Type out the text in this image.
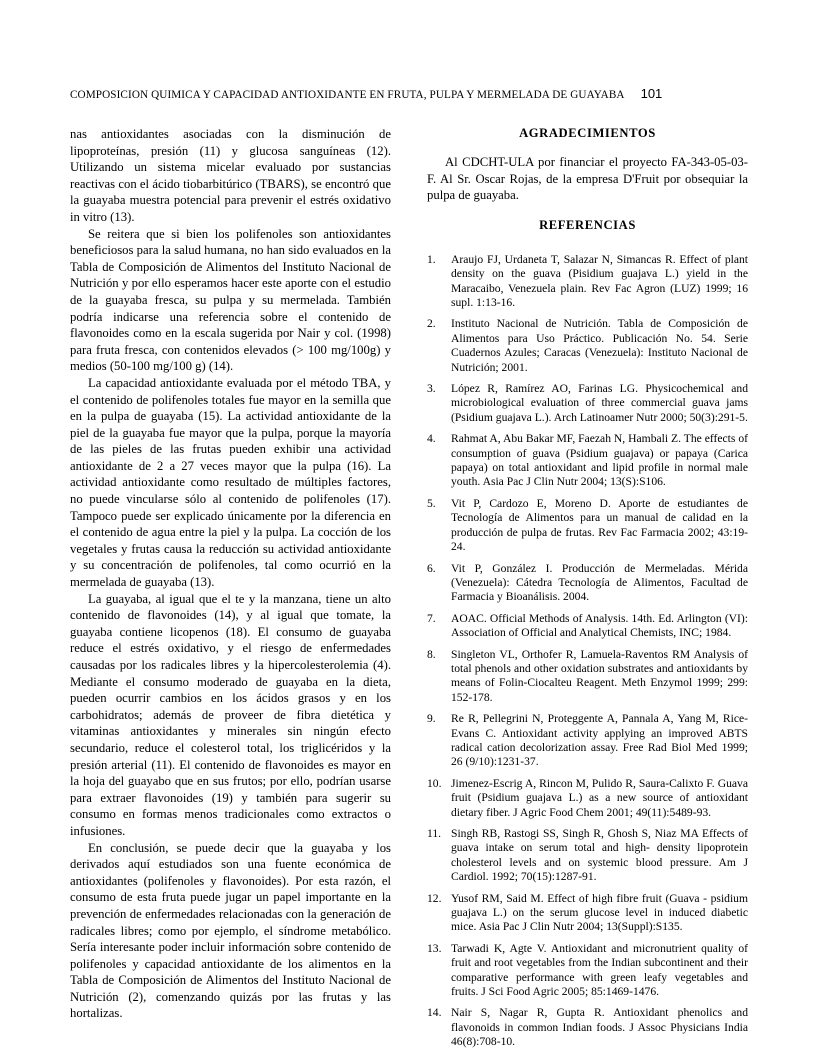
COMPOSICION QUIMICA Y CAPACIDAD ANTIOXIDANTE EN FRUTA, PULPA Y MERMELADA DE GUAYABA 101

nas antioxidantes asociadas con la disminución de lipoproteínas, presión (11) y glucosa sanguíneas (12). Utilizando un sistema micelar evaluado por sustancias reactivas con el ácido tiobarbitúrico (TBARS), se encontró que la guayaba muestra potencial para prevenir el estrés oxidativo in vitro (13).

Se reitera que si bien los polifenoles son antioxidantes beneficiosos para la salud humana, no han sido evaluados en la Tabla de Composición de Alimentos del Instituto Nacional de Nutrición y por ello esperamos hacer este aporte con el estudio de la guayaba fresca, su pulpa y su mermelada. También podría indicarse una referencia sobre el contenido de flavonoides como en la escala sugerida por Nair y col. (1998) para fruta fresca, con contenidos elevados (> 100 mg/100g) y medios (50-100 mg/100 g) (14).

La capacidad antioxidante evaluada por el método TBA, y el contenido de polifenoles totales fue mayor en la semilla que en la pulpa de guayaba (15). La actividad antioxidante de la piel de la guayaba fue mayor que la pulpa, porque la mayoría de las pieles de las frutas pueden exhibir una actividad antioxidante de 2 a 27 veces mayor que la pulpa (16). La actividad antioxidante como resultado de múltiples factores, no puede vincularse sólo al contenido de polifenoles (17). Tampoco puede ser explicado únicamente por la diferencia en el contenido de agua entre la piel y la pulpa. La cocción de los vegetales y frutas causa la reducción su actividad antioxidante y su concentración de polifenoles, tal como ocurrió en la mermelada de guayaba (13).

La guayaba, al igual que el te y la manzana, tiene un alto contenido de flavonoides (14), y al igual que tomate, la guayaba contiene licopenos (18). El consumo de guayaba reduce el estrés oxidativo, y el riesgo de enfermedades causadas por los radicales libres y la hipercolesterolemia (4). Mediante el consumo moderado de guayaba en la dieta, pueden ocurrir cambios en los ácidos grasos y en los carbohidratos; además de proveer de fibra dietética y vitaminas antioxidantes y minerales sin ningún efecto secundario, reduce el colesterol total, los triglicéridos y la presión arterial (11). El contenido de flavonoides es mayor en la hoja del guayabo que en sus frutos; por ello, podrían usarse para extraer flavonoides (19) y también para sugerir su consumo en formas menos tradicionales como extractos o infusiones.

En conclusión, se puede decir que la guayaba y los derivados aquí estudiados son una fuente económica de antioxidantes (polifenoles y flavonoides). Por esta razón, el consumo de esta fruta puede jugar un papel importante en la prevención de enfermedades relacionadas con la generación de radicales libres; como por ejemplo, el síndrome metabólico. Sería interesante poder incluir información sobre contenido de polifenoles y capacidad antioxidante de los alimentos en la Tabla de Composición de Alimentos del Instituto Nacional de Nutrición (2), comenzando quizás por las frutas y las hortalizas.

AGRADECIMIENTOS

Al CDCHT-ULA por financiar el proyecto FA-343-05-03-F. Al Sr. Oscar Rojas, de la empresa D'Fruit por obsequiar la pulpa de guayaba.

REFERENCIAS
1.	Araujo FJ, Urdaneta T, Salazar N, Simancas R. Effect of plant density on the guava (Pisidium guajava L.) yield in the Maracaibo, Venezuela plain. Rev Fac Agron (LUZ) 1999; 16 supl. 1:13-16.
2.	Instituto Nacional de Nutrición. Tabla de Composición de Alimentos para Uso Práctico. Publicación No. 54. Serie Cuadernos Azules; Caracas (Venezuela): Instituto Nacional de Nutrición; 2001.
3.	López R, Ramírez AO, Farinas LG. Physicochemical and microbiological evaluation of three commercial guava jams (Psidium guajava L.). Arch Latinoamer Nutr 2000; 50(3):291-5.
4.	Rahmat A, Abu Bakar MF, Faezah N, Hambali Z. The effects of consumption of guava (Psidium guajava) or papaya (Carica papaya) on total antioxidant and lipid profile in normal male youth. Asia Pac J Clin Nutr 2004; 13(S):S106.
5.	Vit P, Cardozo E, Moreno D. Aporte de estudiantes de Tecnología de Alimentos para un manual de calidad en la producción de pulpa de frutas. Rev Fac Farmacia 2002; 43:19-24.
6.	Vit P, González I. Producción de Mermeladas. Mérida (Venezuela): Cátedra Tecnología de Alimentos, Facultad de Farmacia y Bioanálisis. 2004.
7.	AOAC. Official Methods of Analysis. 14th. Ed. Arlington (VI): Association of Official and Analytical Chemists, INC; 1984.
8.	Singleton VL, Orthofer R, Lamuela-Raventos RM Analysis of total phenols and other oxidation substrates and antioxidants by means of Folin-Ciocalteu Reagent. Meth Enzymol 1999; 299: 152-178.
9.	Re R, Pellegrini N, Proteggente A, Pannala A, Yang M, Rice-Evans C. Antioxidant activity applying an improved ABTS radical cation decolorization assay. Free Rad Biol Med 1999; 26 (9/10):1231-37.
10. Jimenez-Escrig A, Rincon M, Pulido R, Saura-Calixto F. Guava fruit (Psidium guajava L.) as a new source of antioxidant dietary fiber. J Agric Food Chem 2001; 49(11):5489-93.
11. Singh RB, Rastogi SS, Singh R, Ghosh S, Niaz MA Effects of guava intake on serum total and high- density lipoprotein cholesterol levels and on systemic blood pressure. Am J Cardiol. 1992; 70(15):1287-91.
12. Yusof RM, Said M. Effect of high fibre fruit (Guava - psidium guajava L.) on the serum glucose level in induced diabetic mice. Asia Pac J Clin Nutr 2004; 13(Suppl):S135.
13. Tarwadi K, Agte V. Antioxidant and micronutrient quality of fruit and root vegetables from the Indian subcontinent and their comparative performance with green leafy vegetables and fruits. J Sci Food Agric 2005; 85:1469-1476.
14. Nair S, Nagar R, Gupta R. Antioxidant phenolics and flavonoids in common Indian foods. J Assoc Physicians India 46(8):708-10.
